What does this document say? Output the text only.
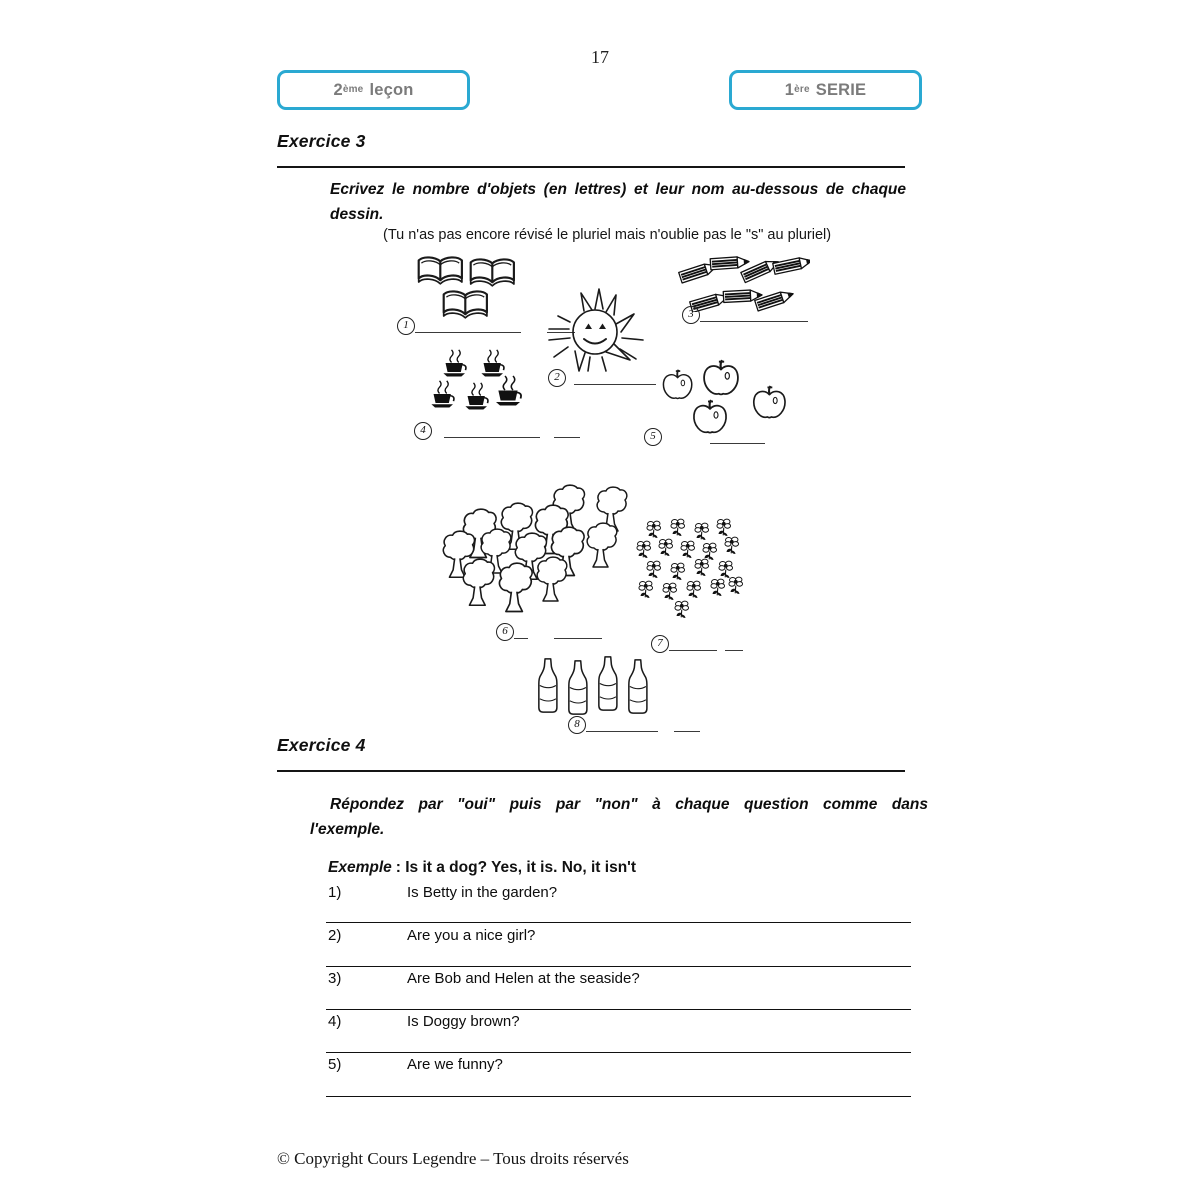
17
2 ème leçon	1 ère SERIE
Exercice 3

Ecrivez le nombre d'objets (en lettres) et leur nom au-dessous de chaque
dessin.

(Tu n'as pas encore révisé le pluriel mais n'oublie pas le "s" au pluriel)

1
2
3
4	5
6
7
8
Exercice 4

Répondez par "oui" puis par "non" à chaque question comme dans
l'exemple.

Exemple : Is it a dog? Yes, it is. No, it isn't
1)	Is Betty in the garden?
2)	Are you a nice girl?
3)	Are Bob and Helen at the seaside?
4)	Is Doggy brown?
5)	Are we funny?
© Copyright Cours Legendre – Tous droits réservés
